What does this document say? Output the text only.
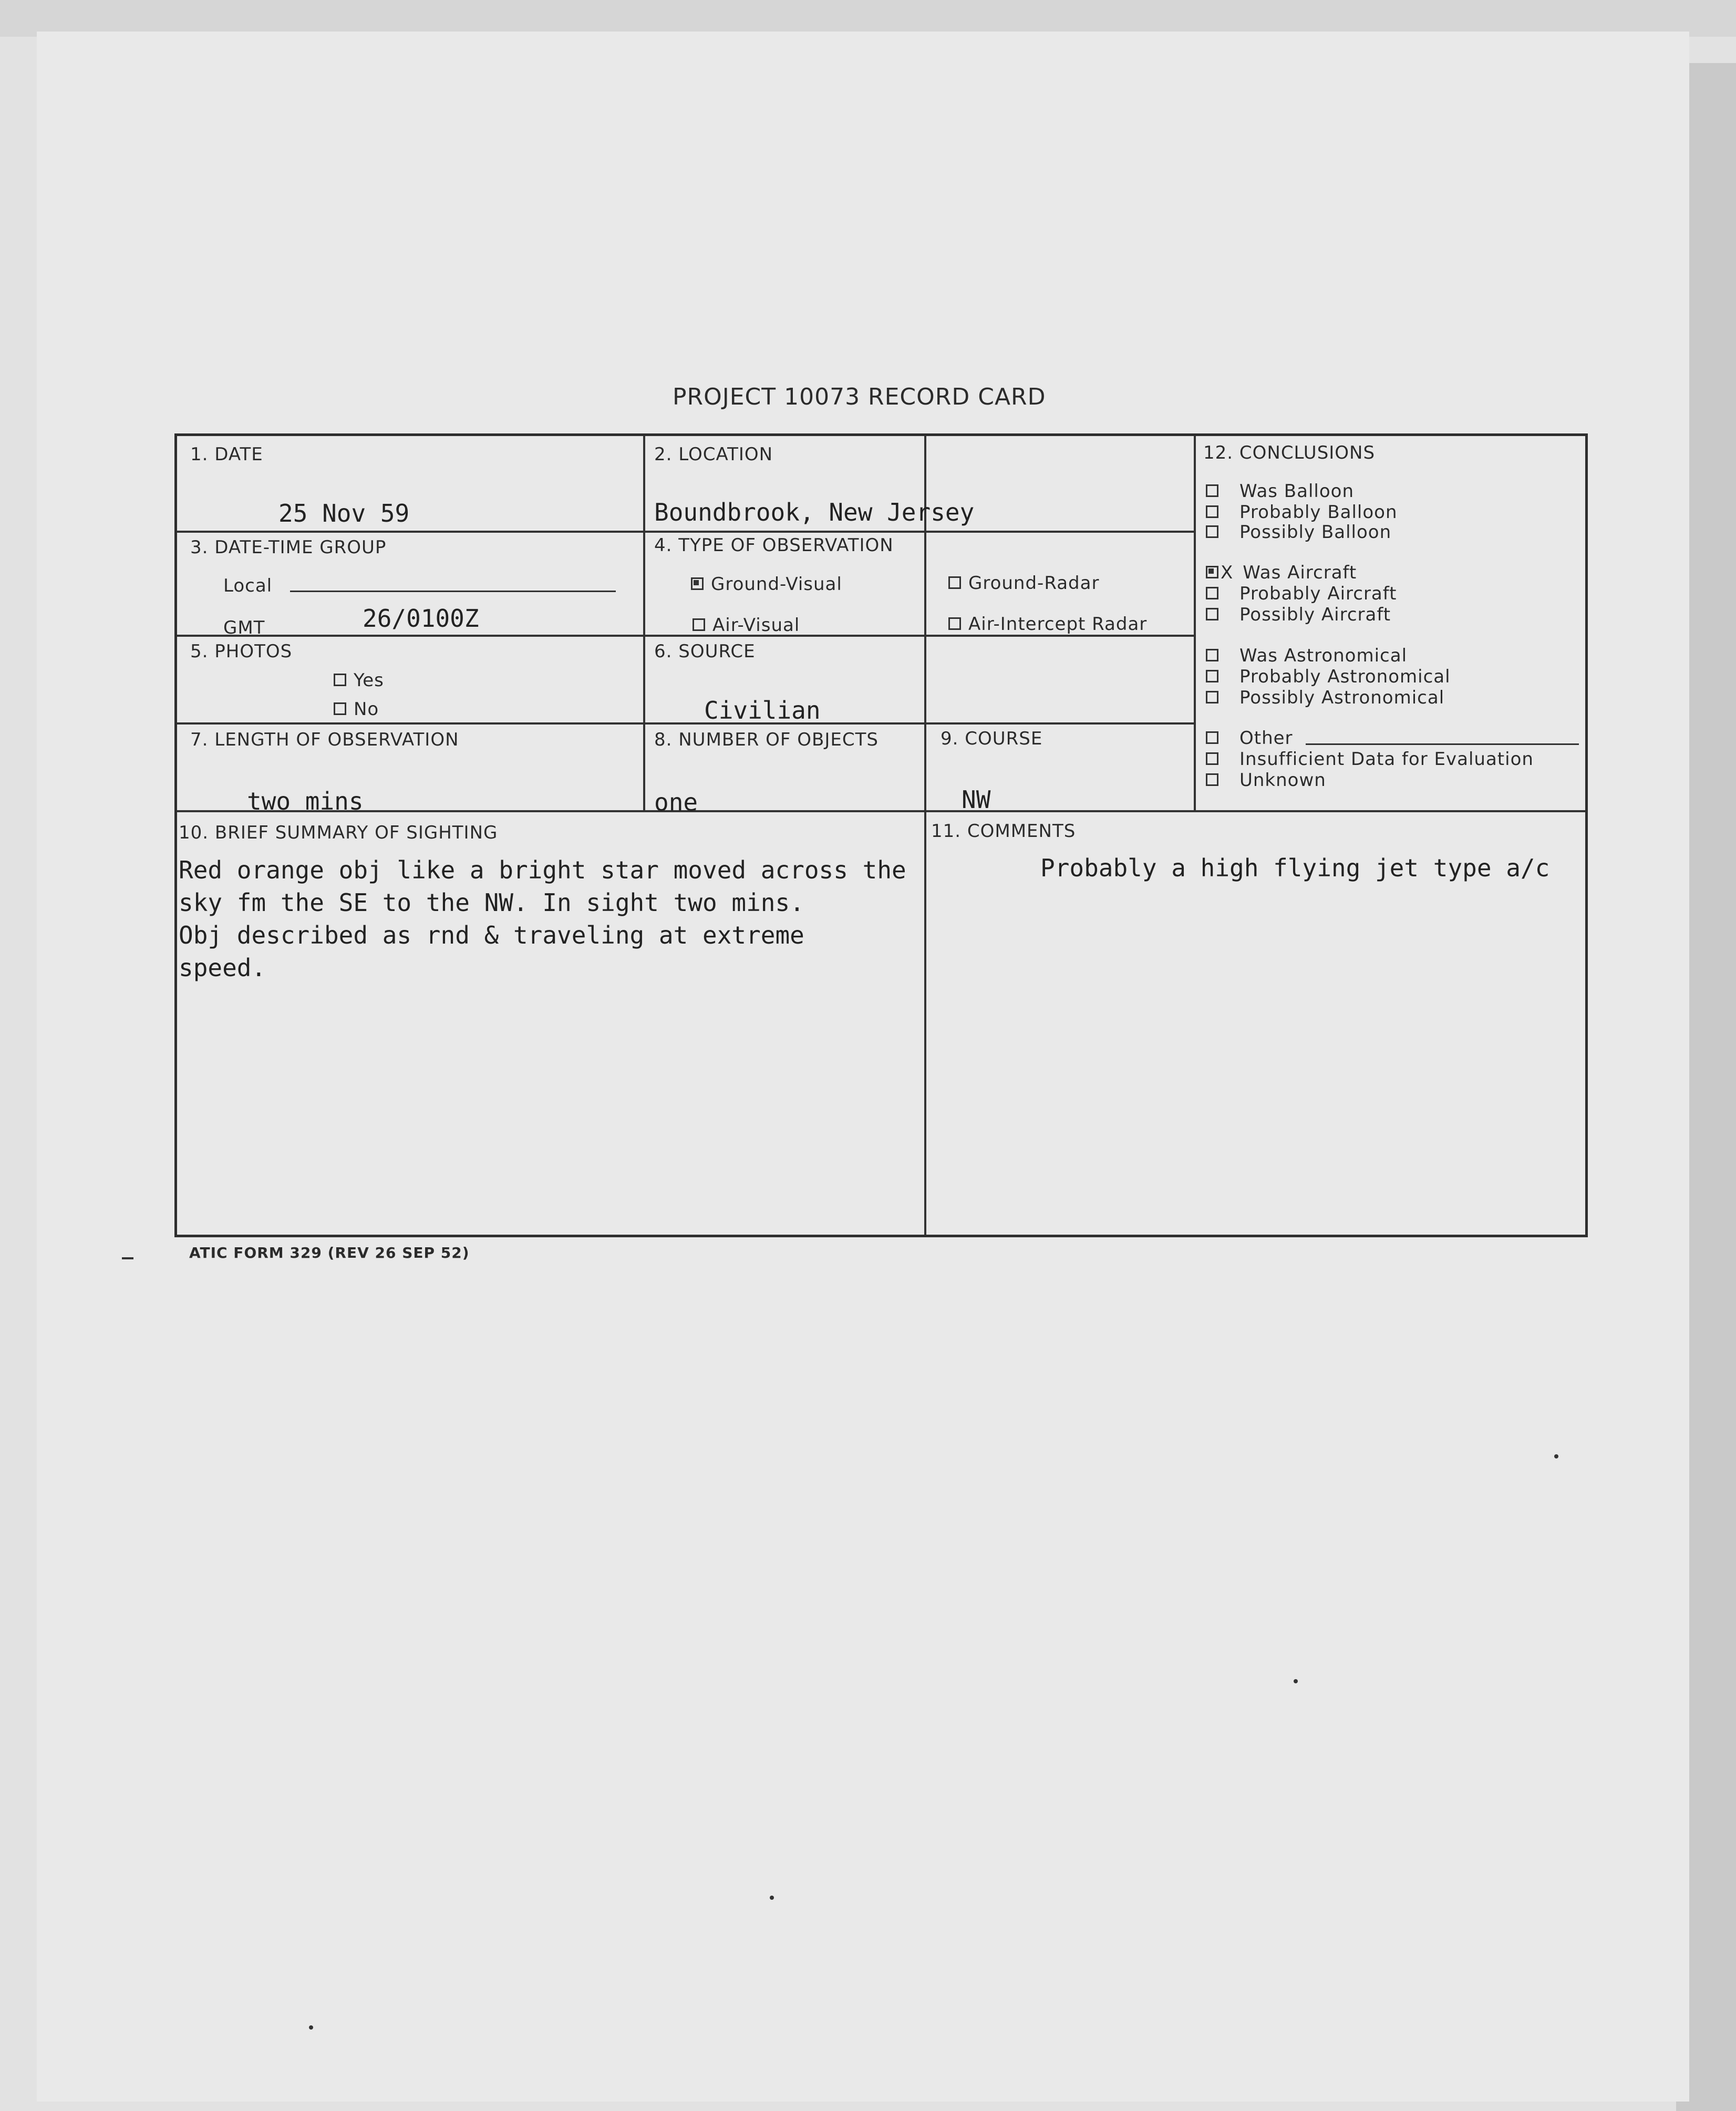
PROJECT 10073 RECORD CARD
1. DATE
25 Nov 59
2. LOCATION
Boundbrook, New Jersey
3. DATE-TIME GROUP
Local
GMT	26/0100Z
4. TYPE OF OBSERVATION
Ground-Visual	Ground-Radar
Air-Visual	Air-Intercept Radar
5. PHOTOS
Yes
No
6. SOURCE
Civilian
7. LENGTH OF OBSERVATION
two mins
8. NUMBER OF OBJECTS
one
9. COURSE
NW
10. BRIEF SUMMARY OF SIGHTING
Red orange obj like a bright star moved across the
sky fm the SE to the NW. In sight two mins.
Obj described as rnd & traveling at extreme
speed.
11. COMMENTS
Probably a high flying jet type a/c
12. CONCLUSIONS
Was Balloon
Probably Balloon
Possibly Balloon
X Was Aircraft
Probably Aircraft
Possibly Aircraft
Was Astronomical
Probably Astronomical
Possibly Astronomical
Other
Insufficient Data for Evaluation
Unknown
ATIC FORM 329 (REV 26 SEP 52)
